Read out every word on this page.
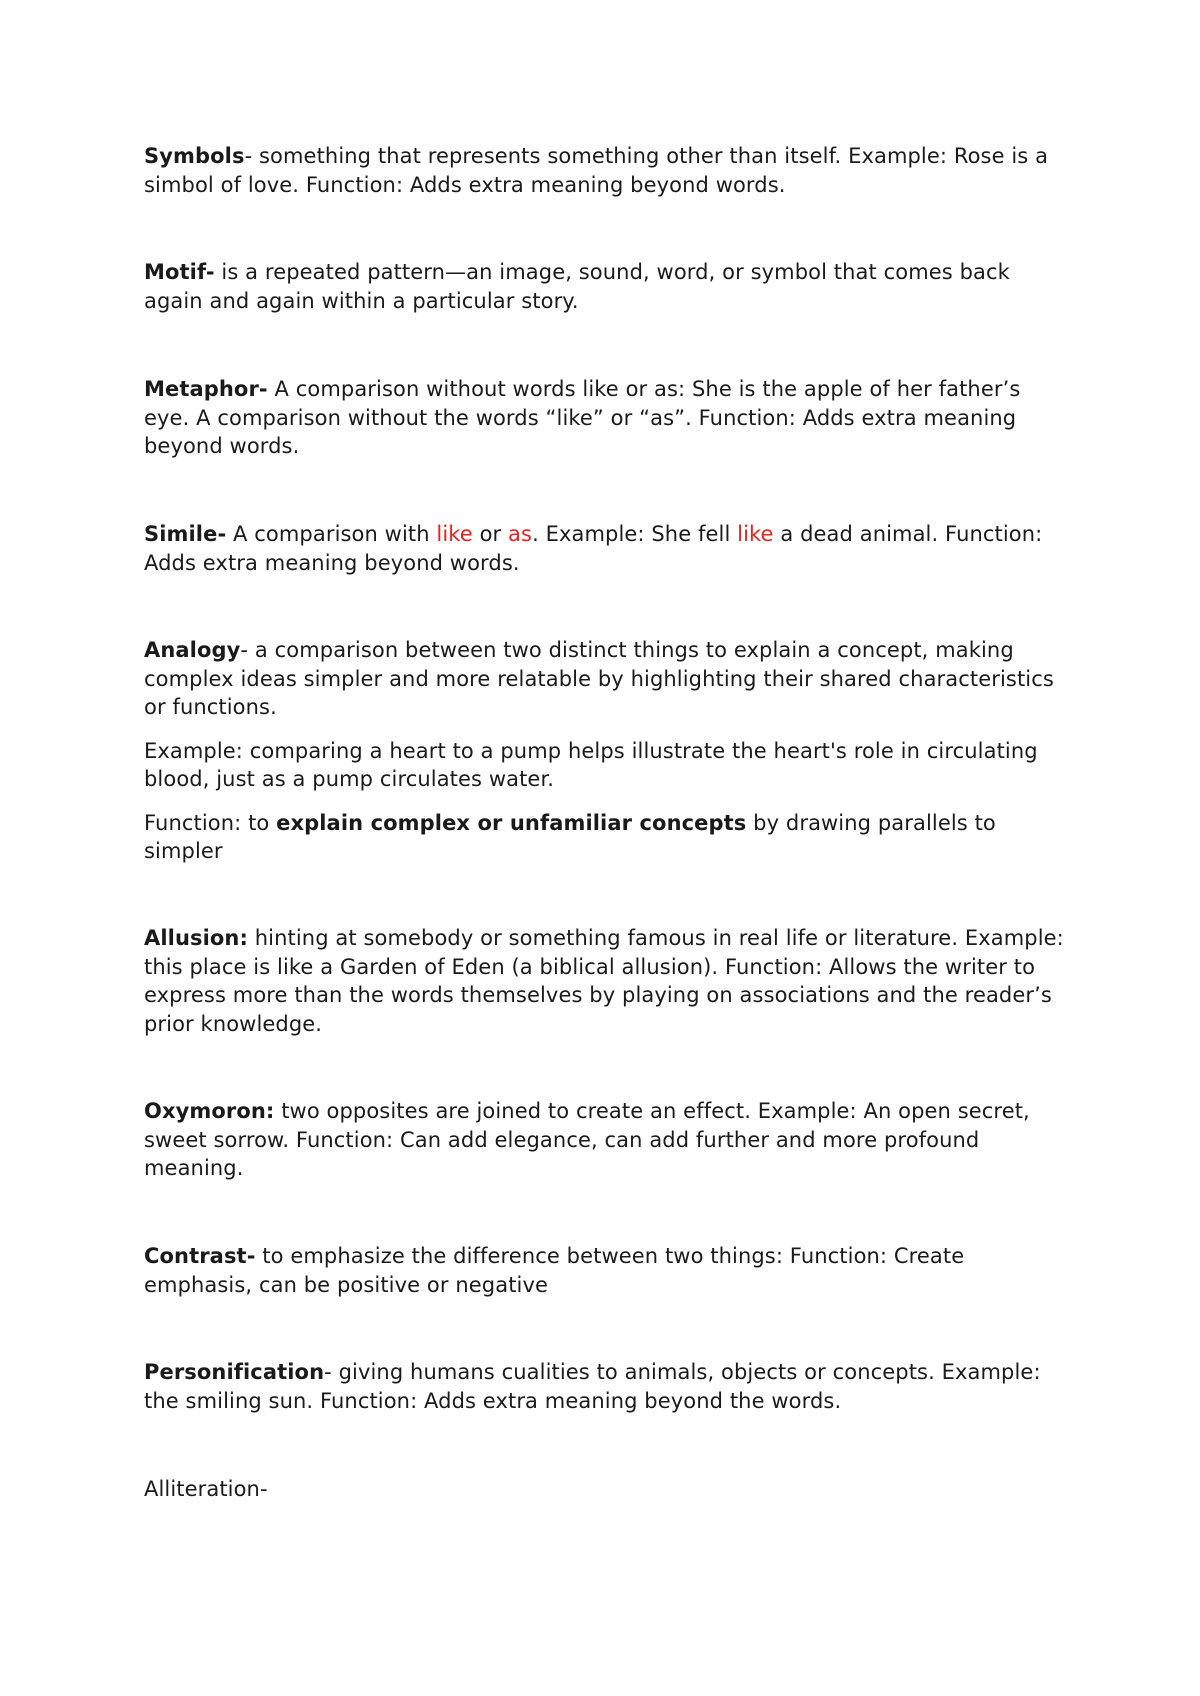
Symbols- something that represents something other than itself. Example: Rose is a simbol of love. Function: Adds extra meaning beyond words.

Motif- is a repeated pattern—an image, sound, word, or symbol that comes back again and again within a particular story.

Metaphor- A comparison without words like or as: She is the apple of her father’s eye. A comparison without the words “like” or “as”. Function: Adds extra meaning beyond words.

Simile- A comparison with like or as. Example: She fell like a dead animal. Function: Adds extra meaning beyond words.

Analogy- a comparison between two distinct things to explain a concept, making complex ideas simpler and more relatable by highlighting their shared characteristics or functions.

Example: comparing a heart to a pump helps illustrate the heart's role in circulating blood, just as a pump circulates water.

Function: to explain complex or unfamiliar concepts by drawing parallels to simpler

Allusion: hinting at somebody or something famous in real life or literature. Example: this place is like a Garden of Eden (a biblical allusion). Function: Allows the writer to express more than the words themselves by playing on associations and the reader’s prior knowledge.

Oxymoron: two opposites are joined to create an effect. Example: An open secret, sweet sorrow. Function: Can add elegance, can add further and more profound meaning.

Contrast- to emphasize the difference between two things: Function: Create emphasis, can be positive or negative

Personification- giving humans cualities to animals, objects or concepts. Example: the smiling sun. Function: Adds extra meaning beyond the words.

Alliteration-
